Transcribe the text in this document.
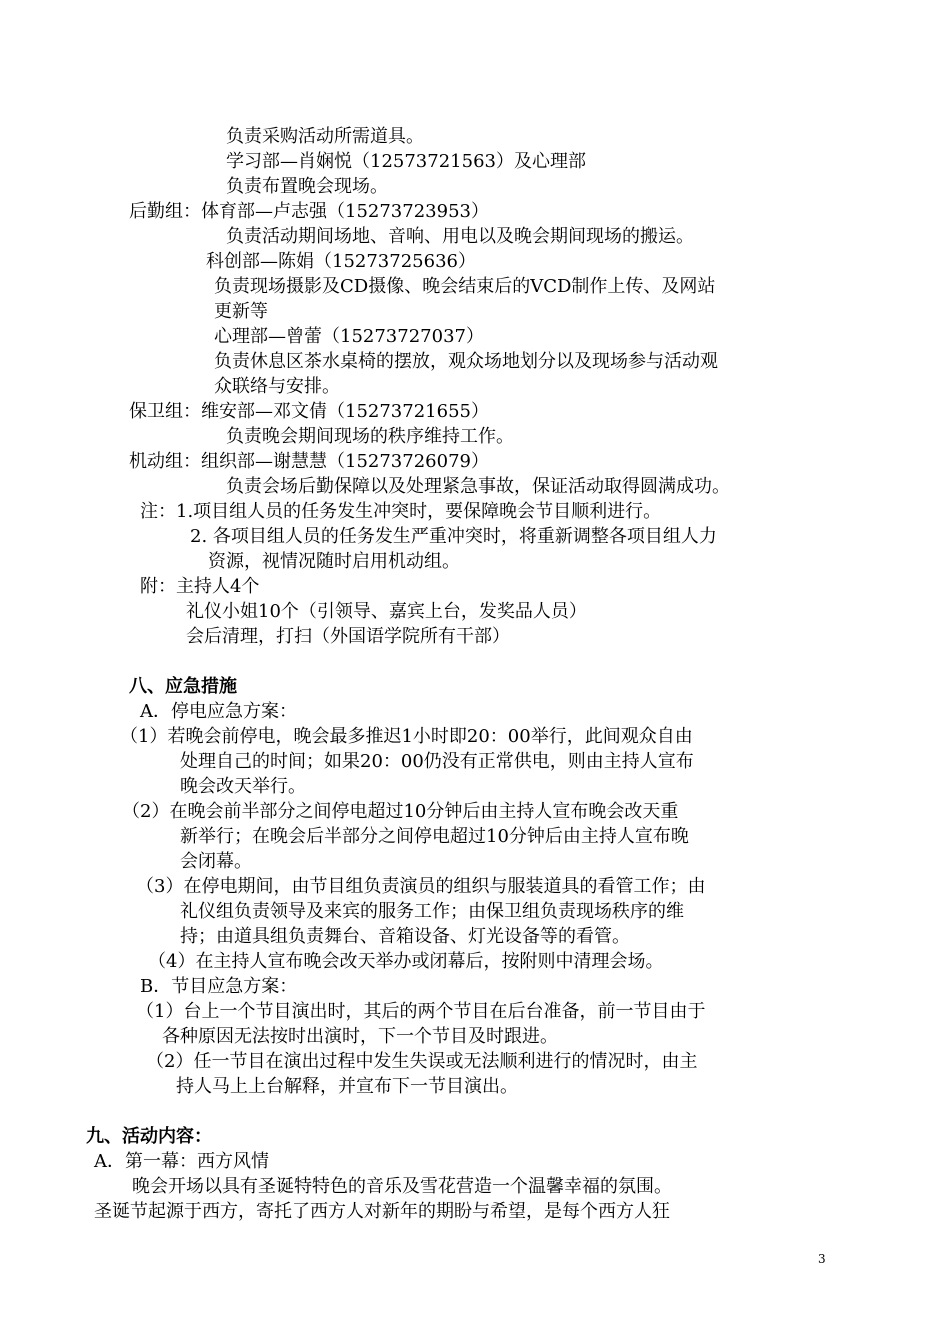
负责采购活动所需道具。
学习部—肖娴悦（12573721563）及心理部
负责布置晚会现场。
后勤组：体育部—卢志强（15273723953）
负责活动期间场地、音响、用电以及晚会期间现场的搬运。
科创部—陈娟（15273725636）
负责现场摄影及CD摄像、晚会结束后的VCD制作上传、及网站
更新等
心理部—曾蕾（15273727037）
负责休息区茶水桌椅的摆放，观众场地划分以及现场参与活动观
众联络与安排。
保卫组：维安部—邓文倩（15273721655）
负责晚会期间现场的秩序维持工作。
机动组：组织部—谢慧慧（15273726079）
负责会场后勤保障以及处理紧急事故，保证活动取得圆满成功。
注：1.项目组人员的任务发生冲突时，要保障晚会节目顺利进行。
2. 各项目组人员的任务发生严重冲突时，将重新调整各项目组人力
资源，视情况随时启用机动组。
附：主持人4个
礼仪小姐10个（引领导、嘉宾上台，发奖品人员）
会后清理，打扫（外国语学院所有干部）
八、应急措施
A．停电应急方案：
（1）若晚会前停电，晚会最多推迟1小时即20：00举行，此间观众自由
处理自己的时间；如果20：00仍没有正常供电，则由主持人宣布
晚会改天举行。
（2）在晚会前半部分之间停电超过10分钟后由主持人宣布晚会改天重
新举行；在晚会后半部分之间停电超过10分钟后由主持人宣布晚
会闭幕。
（3）在停电期间，由节目组负责演员的组织与服装道具的看管工作；由
礼仪组负责领导及来宾的服务工作；由保卫组负责现场秩序的维
持；由道具组负责舞台、音箱设备、灯光设备等的看管。
（4）在主持人宣布晚会改天举办或闭幕后，按附则中清理会场。
B．节目应急方案：
（1）台上一个节目演出时，其后的两个节目在后台准备，前一节目由于
各种原因无法按时出演时，下一个节目及时跟进。
（2）任一节目在演出过程中发生失误或无法顺利进行的情况时，由主
持人马上上台解释，并宣布下一节目演出。
九、活动内容：
A．第一幕：西方风情
晚会开场以具有圣诞特特色的音乐及雪花营造一个温馨幸福的氛围。
圣诞节起源于西方，寄托了西方人对新年的期盼与希望，是每个西方人狂
3
